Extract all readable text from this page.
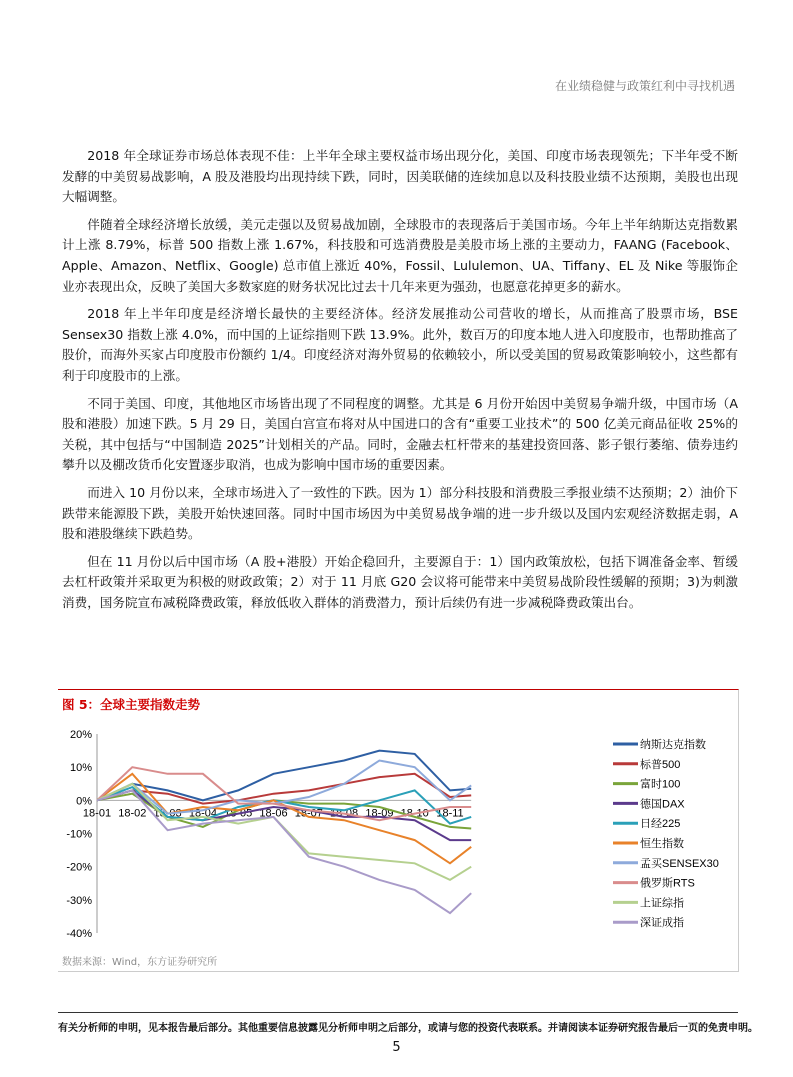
在业绩稳健与政策红利中寻找机遇

2018 年全球证券市场总体表现不佳：上半年全球主要权益市场出现分化，美国、印度市场表现领先；下半年受不断发酵的中美贸易战影响，A 股及港股均出现持续下跌，同时，因美联储的连续加息以及科技股业绩不达预期，美股也出现大幅调整。

伴随着全球经济增长放缓，美元走强以及贸易战加剧，全球股市的表现落后于美国市场。今年上半年纳斯达克指数累计上涨 8.79%，标普 500 指数上涨 1.67%，科技股和可选消费股是美股市场上涨的主要动力，FAANG (Facebook、Apple、Amazon、Netflix、Google) 总市值上涨近 40%，Fossil、Lululemon、UA、Tiffany、EL 及 Nike 等服饰企业亦表现出众，反映了美国大多数家庭的财务状况比过去十几年来更为强劲，也愿意花掉更多的薪水。

2018 年上半年印度是经济增长最快的主要经济体。经济发展推动公司营收的增长，从而推高了股票市场，BSE Sensex30 指数上涨 4.0%，而中国的上证综指则下跌 13.9%。此外，数百万的印度本地人进入印度股市，也帮助推高了股价，而海外买家占印度股市份额约 1/4。印度经济对海外贸易的依赖较小，所以受美国的贸易政策影响较小，这些都有利于印度股市的上涨。

不同于美国、印度，其他地区市场皆出现了不同程度的调整。尤其是 6 月份开始因中美贸易争端升级，中国市场（A 股和港股）加速下跌。5 月 29 日，美国白宫宣布将对从中国进口的含有“重要工业技术”的 500 亿美元商品征收 25%的关税，其中包括与“中国制造 2025”计划相关的产品。同时，金融去杠杆带来的基建投资回落、影子银行萎缩、债券违约攀升以及棚改货币化安置逐步取消，也成为影响中国市场的重要因素。

而进入 10 月份以来，全球市场进入了一致性的下跌。因为 1）部分科技股和消费股三季报业绩不达预期；2）油价下跌带来能源股下跌，美股开始快速回落。同时中国市场因为中美贸易战争端的进一步升级以及国内宏观经济数据走弱，A 股和港股继续下跌趋势。

但在 11 月份以后中国市场（A 股+港股）开始企稳回升，主要源自于：1）国内政策放松，包括下调准备金率、暂缓去杠杆政策并采取更为积极的财政政策；2）对于 11 月底 G20 会议将可能带来中美贸易战阶段性缓解的预期；3)为刺激消费，国务院宣布减税降费政策，释放低收入群体的消费潜力，预计后续仍有进一步减税降费政策出台。

图 5：全球主要指数走势
20%
10%
0%
-10%
-20%
-30%
-40%
18-01 18-02 18-03 18-04 18-05 18-06 18-07 18-08 18-09 18-10 18-11
纳斯达克指数
标普500
富时100
德国DAX
日经225
恒生指数
孟买SENSEX30
俄罗斯RTS
上证综指
深证成指
数据来源：Wind，东方证券研究所
有关分析师的申明，见本报告最后部分。其他重要信息披露见分析师申明之后部分，或请与您的投资代表联系。并请阅读本证券研究报告最后一页的免责申明。
5
